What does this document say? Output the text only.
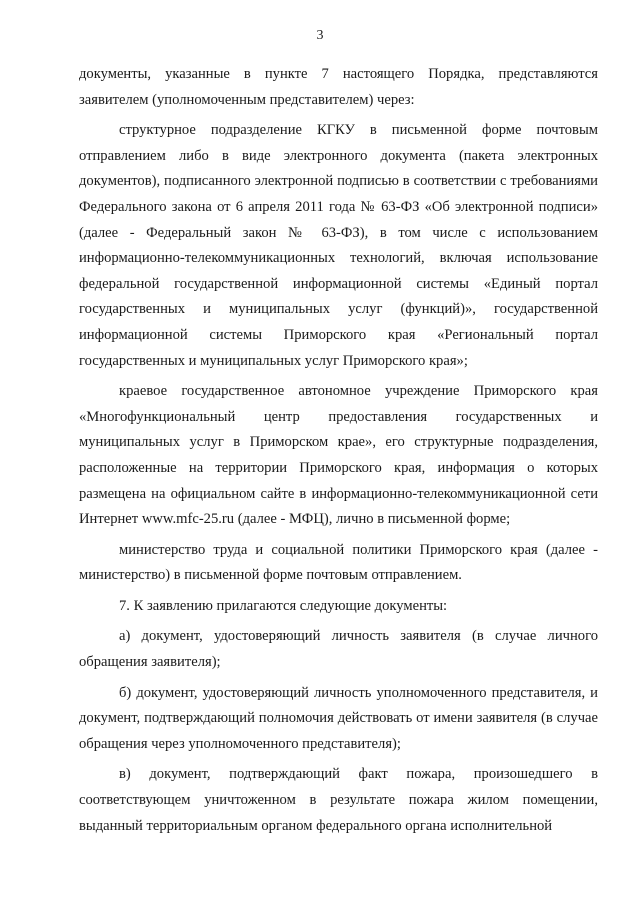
3

документы, указанные в пункте 7 настоящего Порядка, представляются заявителем (уполномоченным представителем) через:

структурное подразделение КГКУ в письменной форме почтовым отправлением либо в виде электронного документа (пакета электронных документов), подписанного электронной подписью в соответствии с требованиями Федерального закона от 6 апреля 2011 года № 63-ФЗ «Об электронной подписи» (далее - Федеральный закон № 63-ФЗ), в том числе с использованием информационно-телекоммуникационных технологий, включая использование федеральной государственной информационной системы «Единый портал государственных и муниципальных услуг (функций)», государственной информационной системы Приморского края «Региональный портал государственных и муниципальных услуг Приморского края»;

краевое государственное автономное учреждение Приморского края «Многофункциональный центр предоставления государственных и муниципальных услуг в Приморском крае», его структурные подразделения, расположенные на территории Приморского края, информация о которых размещена на официальном сайте в информационно-телекоммуникационной сети Интернет www.mfc-25.ru (далее - МФЦ), лично в письменной форме;

министерство труда и социальной политики Приморского края (далее - министерство) в письменной форме почтовым отправлением.

7. К заявлению прилагаются следующие документы:

а) документ, удостоверяющий личность заявителя (в случае личного обращения заявителя);

б) документ, удостоверяющий личность уполномоченного представителя, и документ, подтверждающий полномочия действовать от имени заявителя (в случае обращения через уполномоченного представителя);

в) документ, подтверждающий факт пожара, произошедшего в соответствующем уничтоженном в результате пожара жилом помещении, выданный территориальным органом федерального органа исполнительной
